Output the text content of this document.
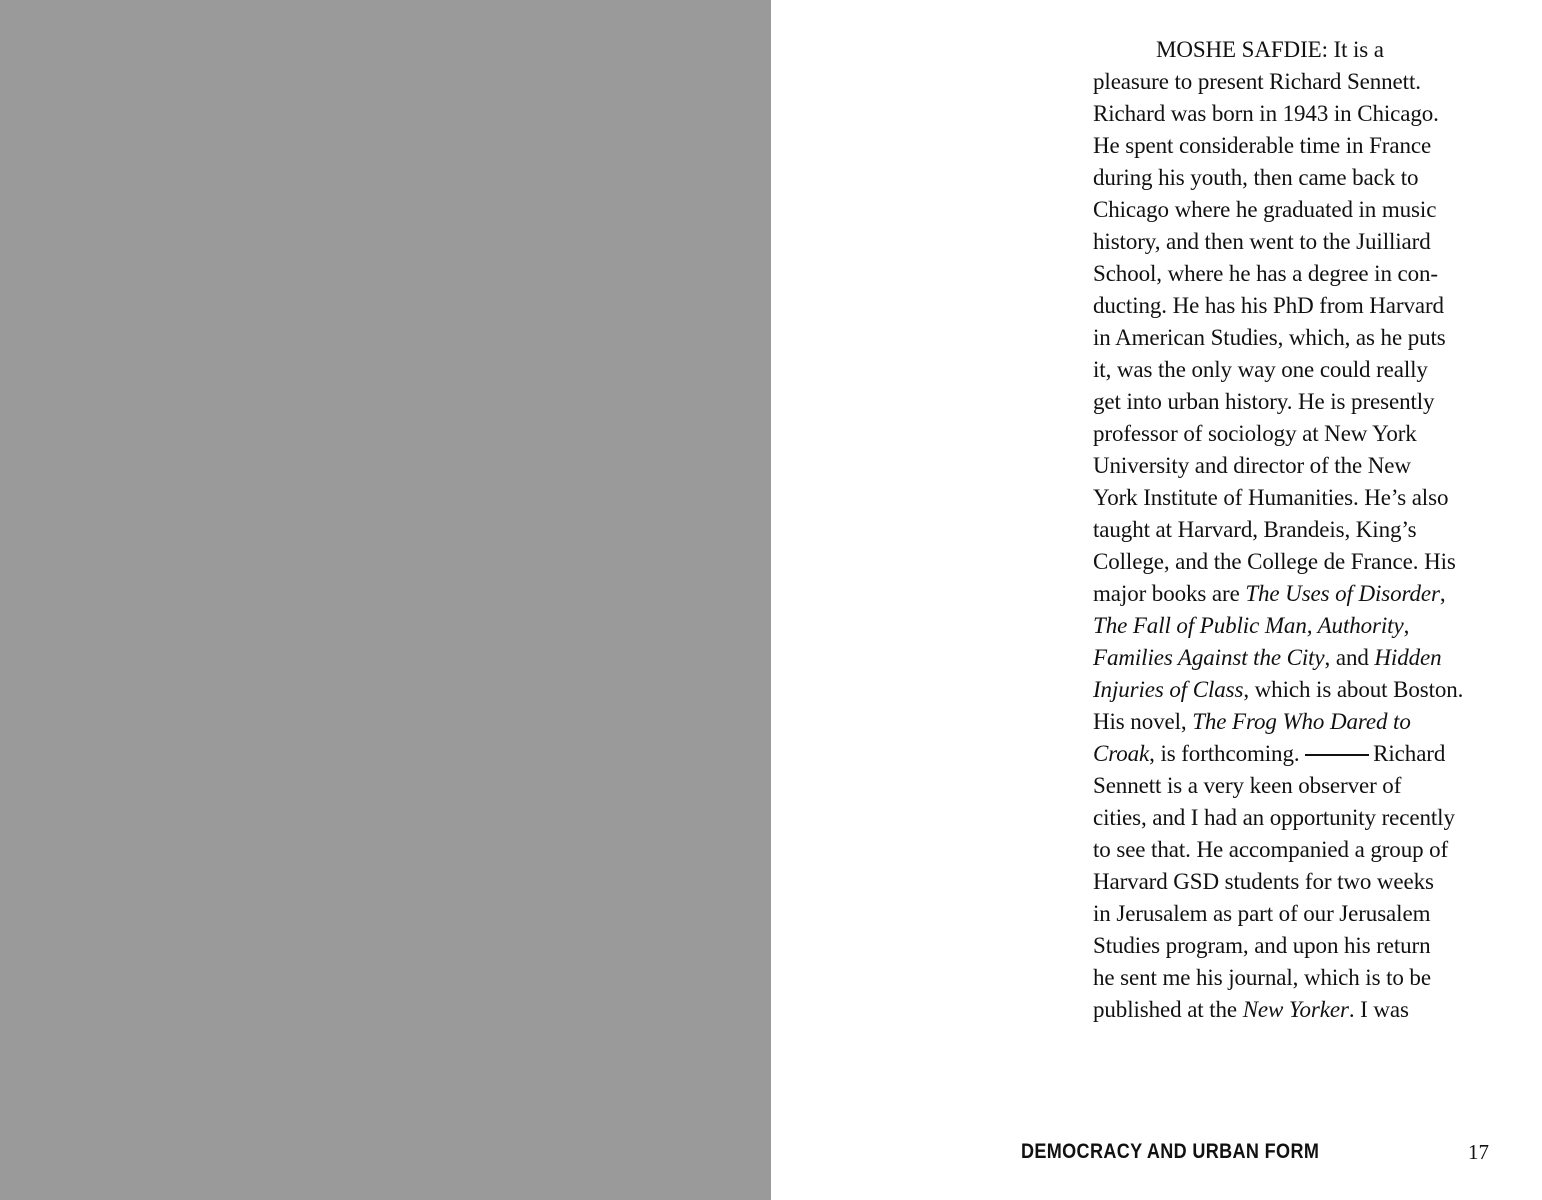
MOSHE SAFDIE: It is a
pleasure to present Richard Sennett.
Richard was born in 1943 in Chicago.
He spent considerable time in France
during his youth, then came back to
Chicago where he graduated in music
history, and then went to the Juilliard
School, where he has a degree in con-
ducting. He has his PhD from Harvard
in American Studies, which, as he puts
it, was the only way one could really
get into urban history. He is presently
professor of sociology at New York
University and director of the New
York Institute of Humanities. He’s also
taught at Harvard, Brandeis, King’s
College, and the College de France. His
major books are The Uses of Disorder,
The Fall of Public Man, Authority,
Families Against the City, and Hidden
Injuries of Class, which is about Boston.
His novel, The Frog Who Dared to
Croak, is forthcoming.	Richard
Sennett is a very keen observer of
cities, and I had an opportunity recently
to see that. He accompanied a group of
Harvard GSD students for two weeks
in Jerusalem as part of our Jerusalem
Studies program, and upon his return
he sent me his journal, which is to be
published at the New Yorker. I was

DEMOCRACY AND URBAN FORM	17
